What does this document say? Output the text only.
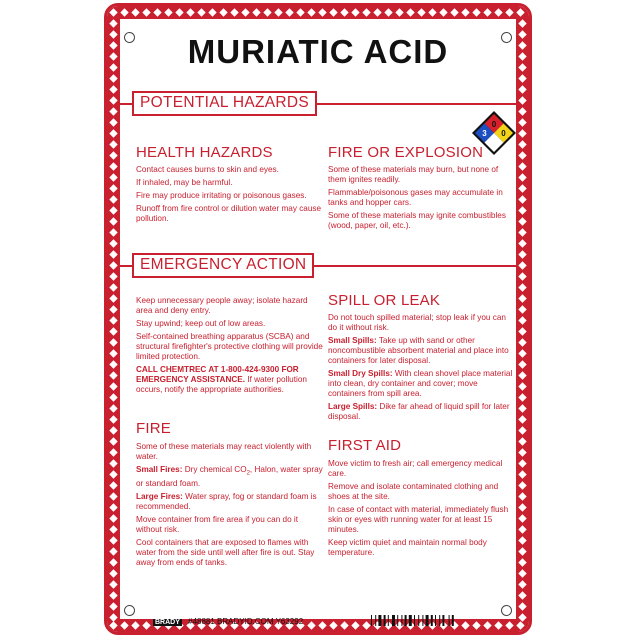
MURIATIC ACID
POTENTIAL HAZARDS
0
3 0
HEALTH HAZARDS

Contact causes burns to skin and eyes.

If inhaled, may be harmful.

Fire may produce irritating or poisonous gases.

Runoff from fire control or dilution water may cause pollution.

FIRE OR EXPLOSION

Some of these materials may burn, but none of them ignites readily.

Flammable/poisonous gases may accumulate in tanks and hopper cars.

Some of these materials may ignite combustibles (wood, paper, oil, etc.).

EMERGENCY ACTION

Keep unnecessary people away; isolate hazard area and deny entry.

Stay upwind; keep out of low areas.

Self-contained breathing apparatus (SCBA) and structural firefighter's protective clothing will provide limited protection.

CALL CHEMTREC AT 1-800-424-9300 FOR EMERGENCY ASSISTANCE. If water pollution occurs, notify the appropriate authorities.

SPILL OR LEAK

Do not touch spilled material; stop leak if you can do it without risk.

Small Spills: Take up with sand or other noncombustible absorbent material and place into containers for later disposal.

Small Dry Spills: With clean shovel place material into clean, dry container and cover; move containers from spill area.

Large Spills: Dike far ahead of liquid spill for later disposal.

FIRE

Some of these materials may react violently with water.

Small Fires: Dry chemical $CO_2$, Halon, water spray or standard foam.

Large Fires: Water spray, fog or standard foam is recommended.

Move container from fire area if you can do it without risk.

Cool containers that are exposed to flames with water from the side until well after fire is out. Stay away from ends of tanks.

FIRST AID

Move victim to fresh air; call emergency medical care.

Remove and isolate contaminated clothing and shoes at the site.

In case of contact with material, immediately flush skin or eyes with running water for at least 15 minutes.

Keep victim quiet and maintain normal body temperature.

BRADY #48881 BRADYID.COM Y63292
